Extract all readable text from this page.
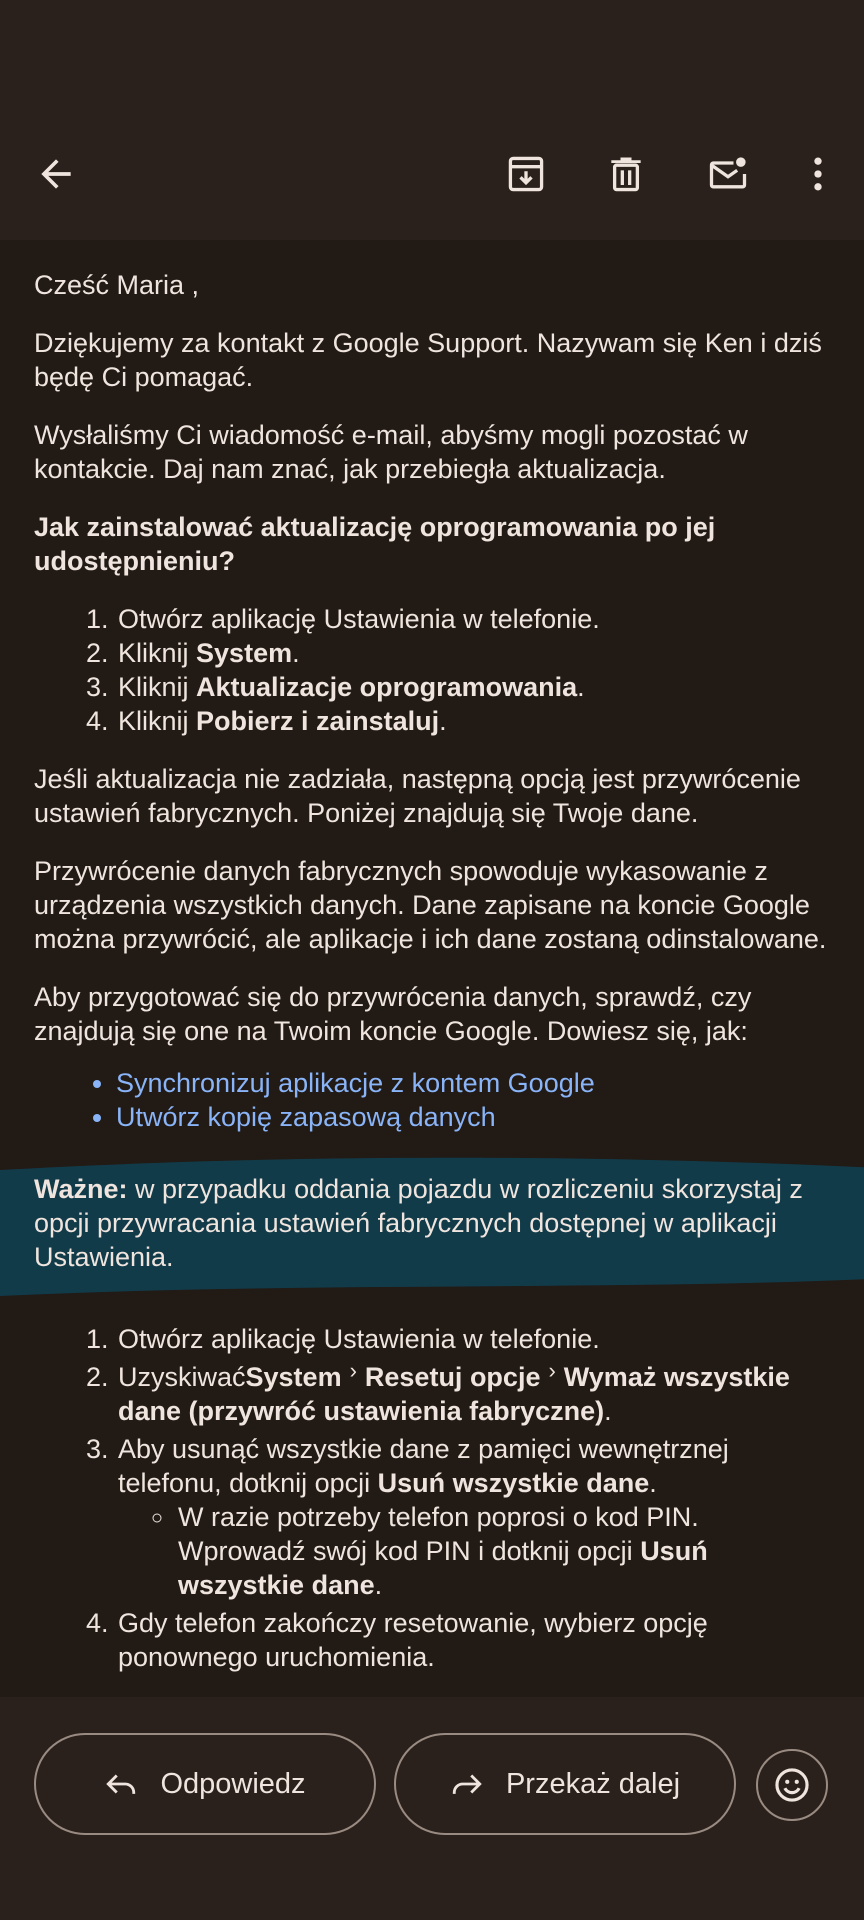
Cześć Maria ,
Dziękujemy za kontakt z Google Support. Nazywam się Ken i dziś będę Ci pomagać.
Wysłaliśmy Ci wiadomość e-mail, abyśmy mogli pozostać w kontakcie. Daj nam znać, jak przebiegła aktualizacja.
Jak zainstalować aktualizację oprogramowania po jej udostępnieniu?
1. Otwórz aplikację Ustawienia w telefonie.
2. Kliknij System.
3. Kliknij Aktualizacje oprogramowania.
4. Kliknij Pobierz i zainstaluj.
Jeśli aktualizacja nie zadziała, następną opcją jest przywrócenie ustawień fabrycznych. Poniżej znajdują się Twoje dane.
Przywrócenie danych fabrycznych spowoduje wykasowanie z urządzenia wszystkich danych. Dane zapisane na koncie Google można przywrócić, ale aplikacje i ich dane zostaną odinstalowane.
Aby przygotować się do przywrócenia danych, sprawdź, czy znajdują się one na Twoim koncie Google. Dowiesz się, jak:
• Synchronizuj aplikacje z kontem Google
• Utwórz kopię zapasową danych
Ważne: w przypadku oddania pojazdu w rozliczeniu skorzystaj z opcji przywracania ustawień fabrycznych dostępnej w aplikacji Ustawienia.
1. Otwórz aplikację Ustawienia w telefonie.
2. UzyskiwaćSystem › Resetuj opcje › Wymaż wszystkie dane (przywróć ustawienia fabryczne).
3. Aby usunąć wszystkie dane z pamięci wewnętrznej telefonu, dotknij opcji Usuń wszystkie dane.
◦ W razie potrzeby telefon poprosi o kod PIN. Wprowadź swój kod PIN i dotknij opcji Usuń wszystkie dane.
4. Gdy telefon zakończy resetowanie, wybierz opcję ponownego uruchomienia.
Odpowiedz	Przekaż dalej
